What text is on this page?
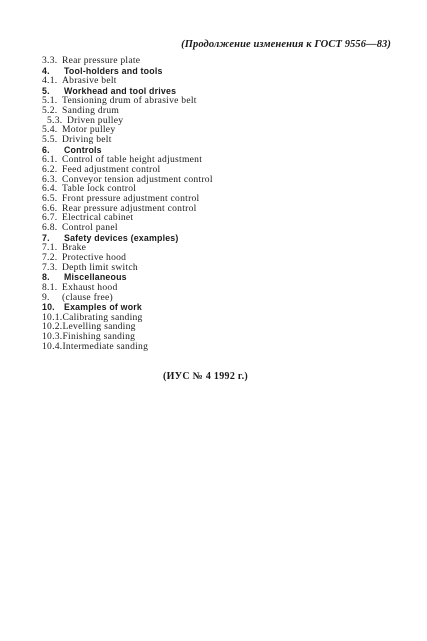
(Продолжение изменения к ГОСТ 9556—83)
3.3. Rear pressure plate
4.	Tool-holders and tools
4.1. Abrasive belt
5.	Workhead and tool drives
5.1. Tensioning drum of abrasive belt
5.2. Sanding drum
5.3. Driven pulley
5.4. Motor pulley
5.5. Driving belt
6.	Controls
6.1. Control of table height adjustment
6.2. Feed adjustment control
6.3. Conveyor tension adjustment control
6.4. Table lock control
6.5. Front pressure adjustment control
6.6. Rear pressure adjustment control
6.7. Electrical cabinet
6.8. Control panel
7.	Safety devices (examples)
7.1. Brake
7.2. Protective hood
7.3. Depth limit switch
8.	Miscellaneous
8.1. Exhaust hood
9.	(clause free)
10.	Examples of work
10.1. Calibrating sanding
10.2. Levelling sanding
10.3. Finishing sanding
10.4. Intermediate sanding
(ИУС № 4 1992 г.)
